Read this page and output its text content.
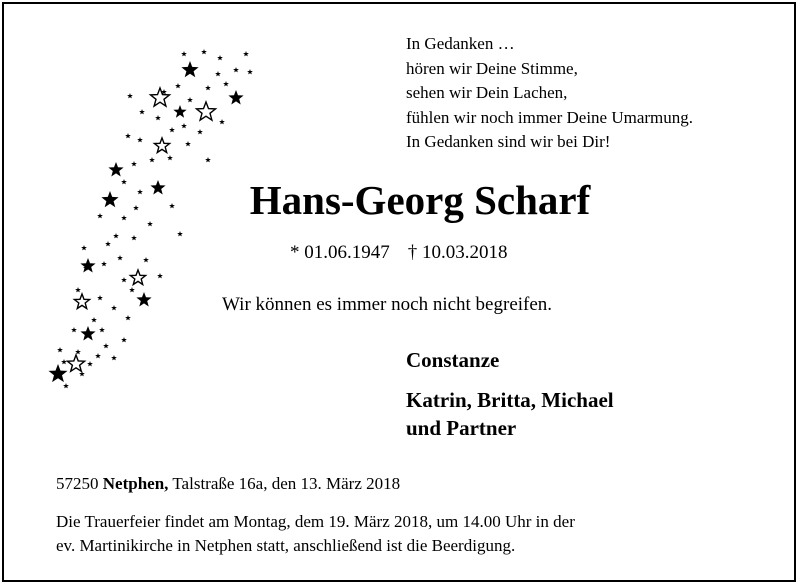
In Gedanken …
hören wir Deine Stimme,
sehen wir Dein Lachen,
fühlen wir noch immer Deine Umarmung.
In Gedanken sind wir bei Dir!
Hans-Georg Scharf
* 01.06.1947 † 10.03.2018
Wir können es immer noch nicht begreifen.
Constanze
Katrin, Britta, Michael
und Partner
57250 Netphen, Talstraße 16a, den 13. März 2018
Die Trauerfeier findet am Montag, dem 19. März 2018, um 14.00 Uhr in der
ev. Martinikirche in Netphen statt, anschließend ist die Beerdigung.
